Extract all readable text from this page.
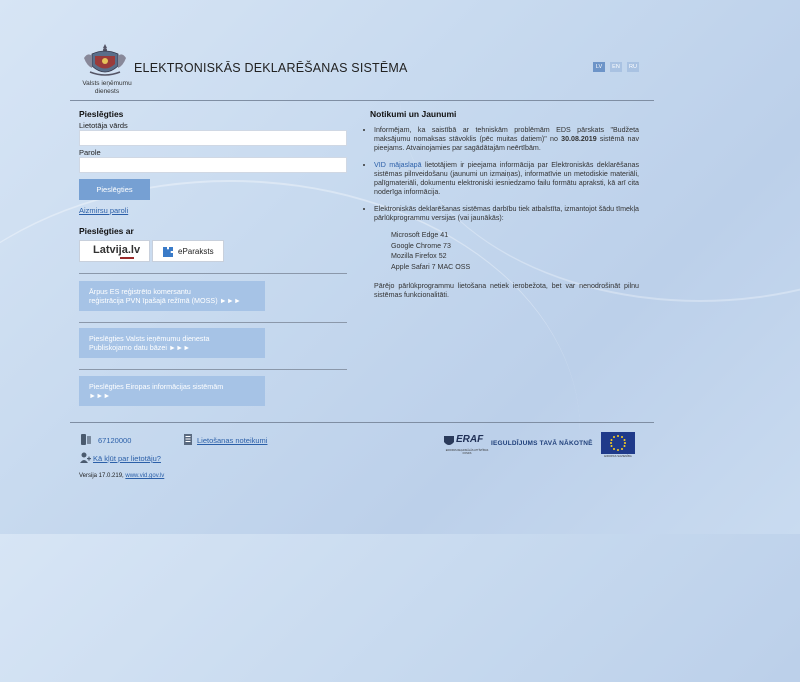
Valsts ieņēmumu dienests
ELEKTRONISKĀS DEKLARĒŠANAS SISTĒMA	LV	EN	RU
Pieslēgties
Lietotāja vārds
Parole
Pieslēgties
Aizmirsu paroli
Pieslēgties ar
Latvija.lv	eParaksts
Ārpus ES reģistrēto komersantu
reģistrācija PVN īpašajā režīmā (MOSS) ►►►
Pieslēgties Valsts ieņēmumu dienesta
Publiskojamo datu bāzei ►►►
Pieslēgties Eiropas informācijas sistēmām
►►►
Notikumi un Jaunumi
• Informējam, ka saistībā ar tehniskām problēmām EDS pārskats "Budžeta maksājumu nomaksas stāvoklis (pēc muitas datiem)" no 30.08.2019 sistēmā nav pieejams. Atvainojamies par sagādātajām neērtībām.
• VID mājaslapā lietotājiem ir pieejama informācija par Elektroniskās deklarēšanas sistēmas pilnveidošanu (jaunumi un izmaiņas), informatīvie un metodiskie materiāli, palīgmateriāli, dokumentu elektroniski iesniedzamo failu formātu apraksti, kā arī cita noderīga informācija.
• Elektroniskās deklarēšanas sistēmas darbību tiek atbalstīta, izmantojot šādu tīmekļa pārlūkprogrammu versijas (vai jaunākās):
Microsoft Edge 41
Google Chrome 73
Mozilla Firefox 52
Apple Safari 7 MAC OSS
Pārējo pārlūkprogrammu lietošana netiek ierobežota, bet var nenodrošināt pilnu sistēmas funkcionalitāti.
67120000	Lietošanas noteikumi
Kā kļūt par lietotāju?
Versija 17.0.219, www.vid.gov.lv
ERAF
EIROPAS REĢIONĀLĀS ATTĪSTĪBAS FONDS
IEGULDĪJUMS TAVĀ NĀKOTNĒ
EIROPAS SAVIENĪBA
